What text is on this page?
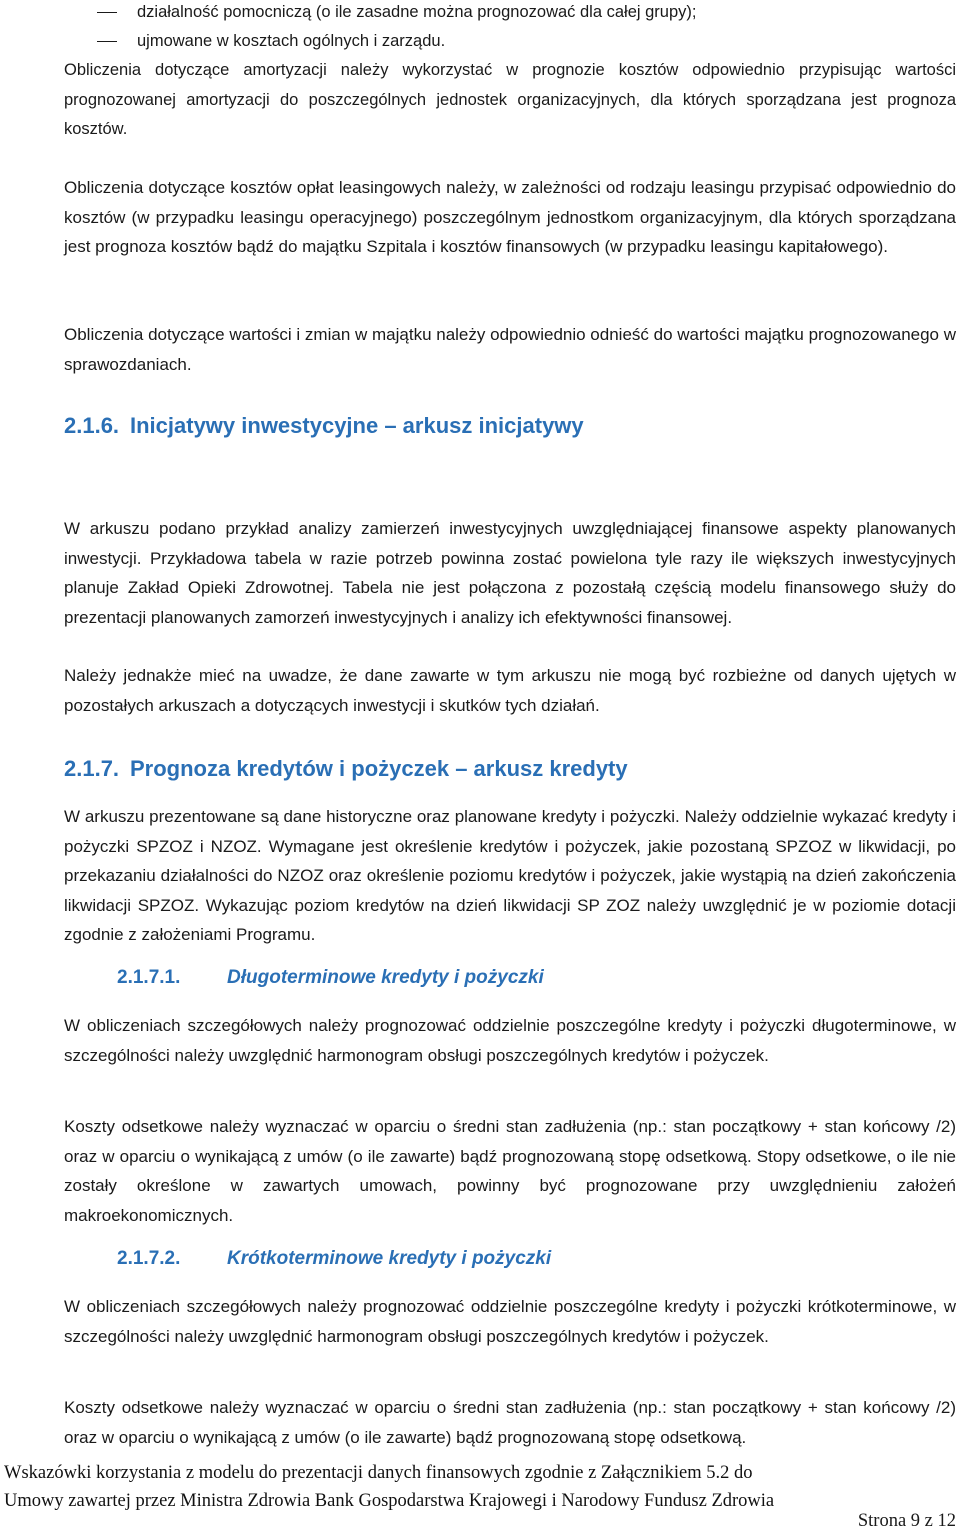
działalność pomocniczą (o ile zasadne można prognozować dla całej grupy);
ujmowane w kosztach ogólnych i zarządu.

Obliczenia dotyczące amortyzacji należy wykorzystać w prognozie kosztów odpowiednio przypisując wartości prognozowanej amortyzacji do poszczególnych jednostek organizacyjnych, dla których sporządzana jest prognoza kosztów.

Obliczenia dotyczące kosztów opłat leasingowych należy, w zależności od rodzaju leasingu przypisać odpowiednio do kosztów (w przypadku leasingu operacyjnego) poszczególnym jednostkom organizacyjnym, dla których sporządzana jest prognoza kosztów bądź do majątku Szpitala i kosztów finansowych (w przypadku leasingu kapitałowego).

Obliczenia dotyczące wartości i zmian w majątku należy odpowiednio odnieść do wartości majątku prognozowanego w sprawozdaniach.

2.1.6. Inicjatywy inwestycyjne – arkusz inicjatywy

W arkuszu podano przykład analizy zamierzeń inwestycyjnych uwzględniającej finansowe aspekty planowanych inwestycji. Przykładowa tabela w razie potrzeb powinna zostać powielona tyle razy ile większych inwestycyjnych planuje Zakład Opieki Zdrowotnej. Tabela nie jest połączona z pozostałą częścią modelu finansowego służy do prezentacji planowanych zamorzeń inwestycyjnych i analizy ich efektywności finansowej.

Należy jednakże mieć na uwadze, że dane zawarte w tym arkuszu nie mogą być rozbieżne od danych ujętych w pozostałych arkuszach a dotyczących inwestycji i skutków tych działań.

2.1.7. Prognoza kredytów i pożyczek – arkusz kredyty

W arkuszu prezentowane są dane historyczne oraz planowane kredyty i pożyczki. Należy oddzielnie wykazać kredyty i pożyczki SPZOZ i NZOZ. Wymagane jest określenie kredytów i pożyczek, jakie pozostaną SPZOZ w likwidacji, po przekazaniu działalności do NZOZ oraz określenie poziomu kredytów i pożyczek, jakie wystąpią na dzień zakończenia likwidacji SPZOZ. Wykazując poziom kredytów na dzień likwidacji SP ZOZ należy uwzględnić je w poziomie dotacji zgodnie z założeniami Programu.

2.1.7.1. Długoterminowe kredyty i pożyczki

W obliczeniach szczegółowych należy prognozować oddzielnie poszczególne kredyty i pożyczki długoterminowe, w szczególności należy uwzględnić harmonogram obsługi poszczególnych kredytów i pożyczek.

Koszty odsetkowe należy wyznaczać w oparciu o średni stan zadłużenia (np.: stan początkowy + stan końcowy /2) oraz w oparciu o wynikającą z umów (o ile zawarte) bądź prognozowaną stopę odsetkową. Stopy odsetkowe, o ile nie zostały określone w zawartych umowach, powinny być prognozowane przy uwzględnieniu założeń makroekonomicznych.

2.1.7.2. Krótkoterminowe kredyty i pożyczki

W obliczeniach szczegółowych należy prognozować oddzielnie poszczególne kredyty i pożyczki krótkoterminowe, w szczególności należy uwzględnić harmonogram obsługi poszczególnych kredytów i pożyczek.

Koszty odsetkowe należy wyznaczać w oparciu o średni stan zadłużenia (np.: stan początkowy + stan końcowy /2) oraz w oparciu o wynikającą z umów (o ile zawarte) bądź prognozowaną stopę odsetkową.

Wskazówki korzystania z modelu do prezentacji danych finansowych zgodnie z Załącznikiem 5.2 do
Umowy zawartej przez Ministra Zdrowia Bank Gospodarstwa Krajowegi i Narodowy Fundusz Zdrowia
Strona 9 z 12
